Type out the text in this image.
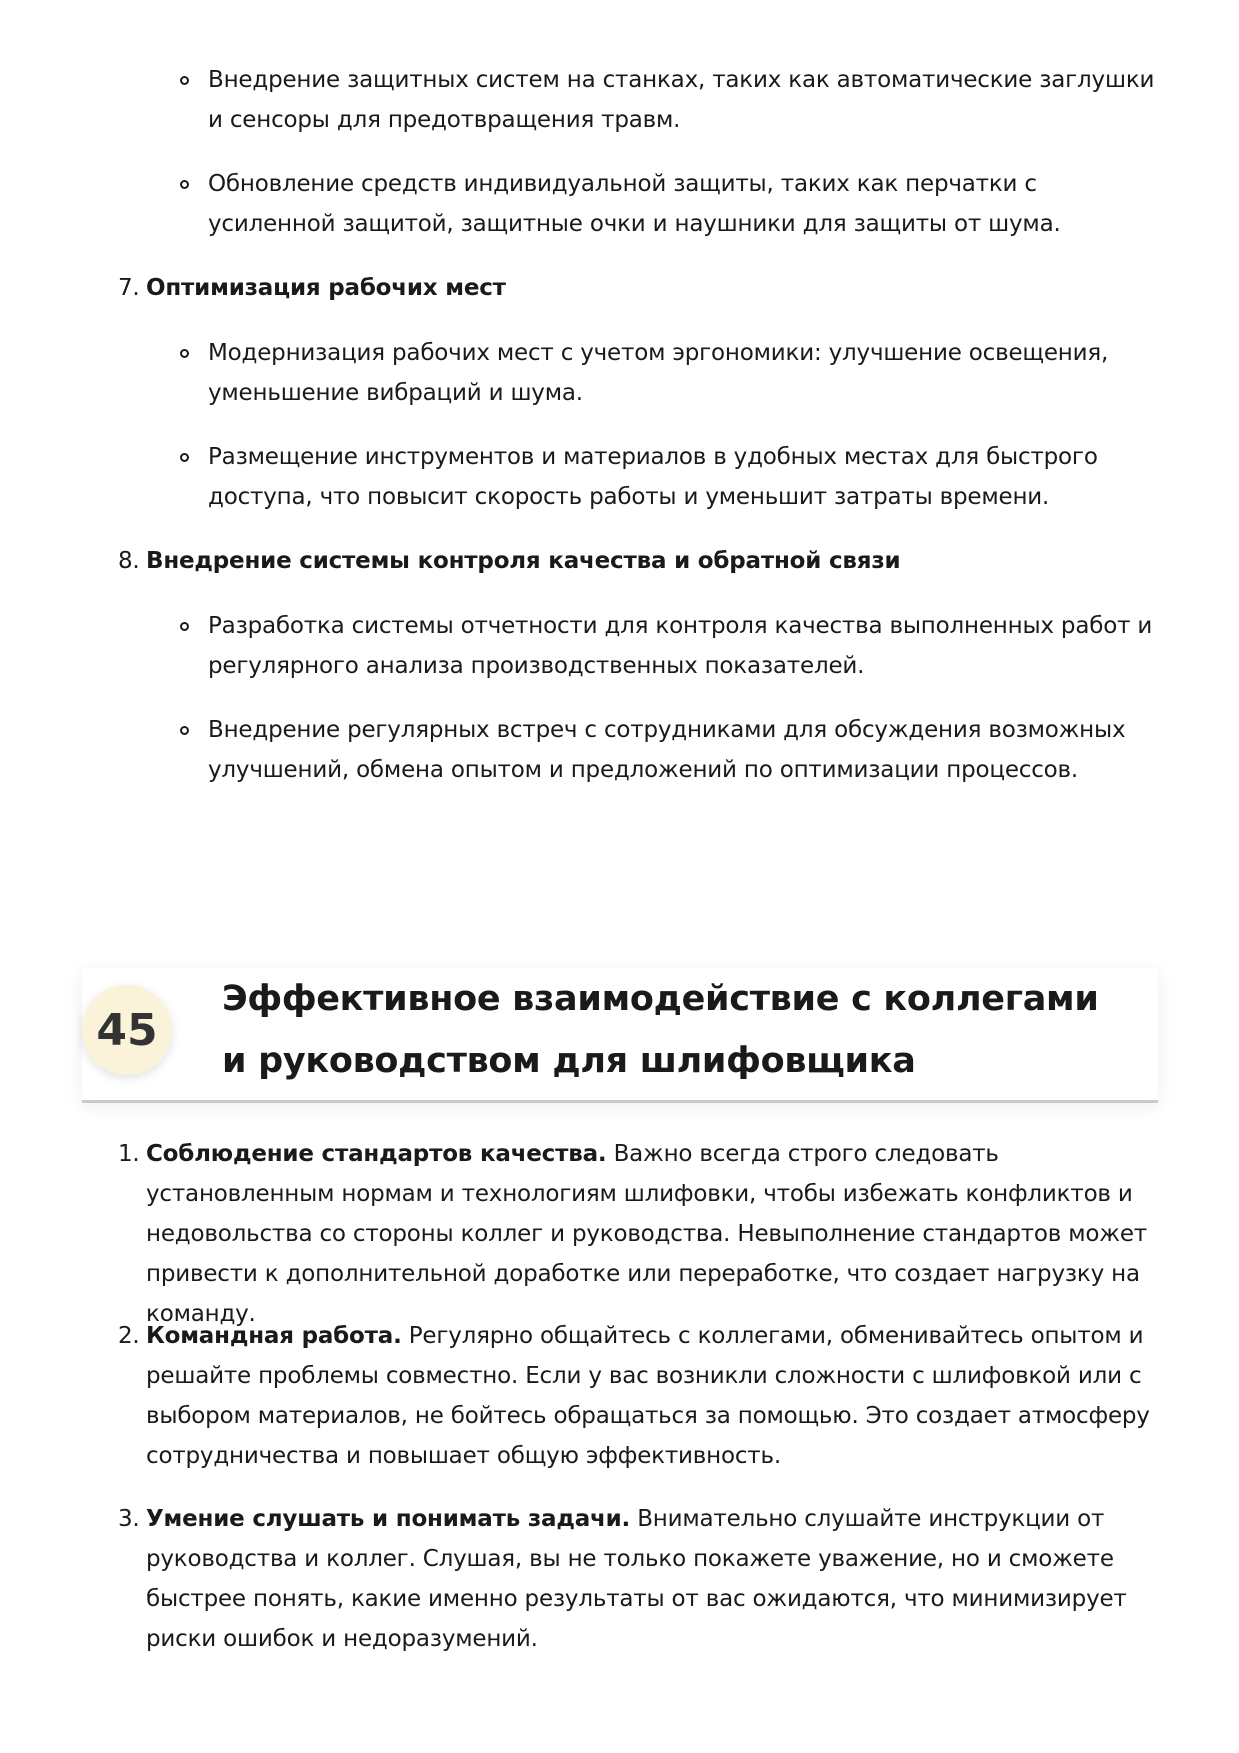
Внедрение защитных систем на станках, таких как автоматические заглушки и сенсоры для предотвращения травм.
Обновление средств индивидуальной защиты, таких как перчатки с усиленной защитой, защитные очки и наушники для защиты от шума.
7. Оптимизация рабочих мест
Модернизация рабочих мест с учетом эргономики: улучшение освещения, уменьшение вибраций и шума.
Размещение инструментов и материалов в удобных местах для быстрого доступа, что повысит скорость работы и уменьшит затраты времени.
8. Внедрение системы контроля качества и обратной связи
Разработка системы отчетности для контроля качества выполненных работ и регулярного анализа производственных показателей.
Внедрение регулярных встреч с сотрудниками для обсуждения возможных улучшений, обмена опытом и предложений по оптимизации процессов.
45
Эффективное взаимодействие с коллегами и руководством для шлифовщика
1. Соблюдение стандартов качества. Важно всегда строго следовать установленным нормам и технологиям шлифовки, чтобы избежать конфликтов и недовольства со стороны коллег и руководства. Невыполнение стандартов может привести к дополнительной доработке или переработке, что создает нагрузку на команду.
2. Командная работа. Регулярно общайтесь с коллегами, обменивайтесь опытом и решайте проблемы совместно. Если у вас возникли сложности с шлифовкой или с выбором материалов, не бойтесь обращаться за помощью. Это создает атмосферу сотрудничества и повышает общую эффективность.
3. Умение слушать и понимать задачи. Внимательно слушайте инструкции от руководства и коллег. Слушая, вы не только покажете уважение, но и сможете быстрее понять, какие именно результаты от вас ожидаются, что минимизирует риски ошибок и недоразумений.
